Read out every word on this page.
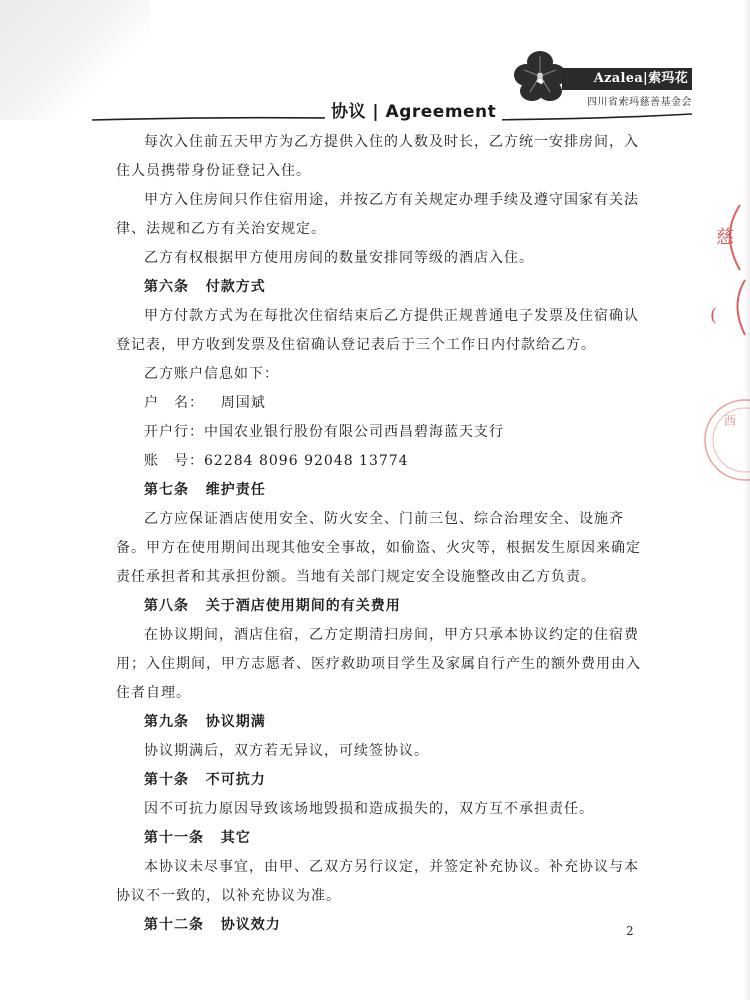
Azalea|索玛花
四川省索玛慈善基金会
协议 | Agreement
慈
(
西

每次入住前五天甲方为乙方提供入住的人数及时长，乙方统一安排房间，入住人员携带身份证登记入住。

甲方入住房间只作住宿用途，并按乙方有关规定办理手续及遵守国家有关法律、法规和乙方有关治安规定。

乙方有权根据甲方使用房间的数量安排同等级的酒店入住。

第六条 付款方式

甲方付款方式为在每批次住宿结束后乙方提供正规普通电子发票及住宿确认登记表，甲方收到发票及住宿确认登记表后于三个工作日内付款给乙方。

乙方账户信息如下：

户　名： 周国斌

开户行：中国农业银行股份有限公司西昌碧海蓝天支行

账　号：62284 8096 92048 13774

第七条 维护责任

乙方应保证酒店使用安全、防火安全、门前三包、综合治理安全、设施齐备。甲方在使用期间出现其他安全事故，如偷盗、火灾等，根据发生原因来确定责任承担者和其承担份额。当地有关部门规定安全设施整改由乙方负责。

第八条 关于酒店使用期间的有关费用

在协议期间，酒店住宿，乙方定期清扫房间，甲方只承本协议约定的住宿费用；入住期间，甲方志愿者、医疗救助项目学生及家属自行产生的额外费用由入住者自理。

第九条 协议期满

协议期满后，双方若无异议，可续签协议。

第十条 不可抗力

因不可抗力原因导致该场地毁损和造成损失的，双方互不承担责任。

第十一条 其它

本协议未尽事宜，由甲、乙双方另行议定，并签定补充协议。补充协议与本协议不一致的，以补充协议为准。

第十二条 协议效力	2
